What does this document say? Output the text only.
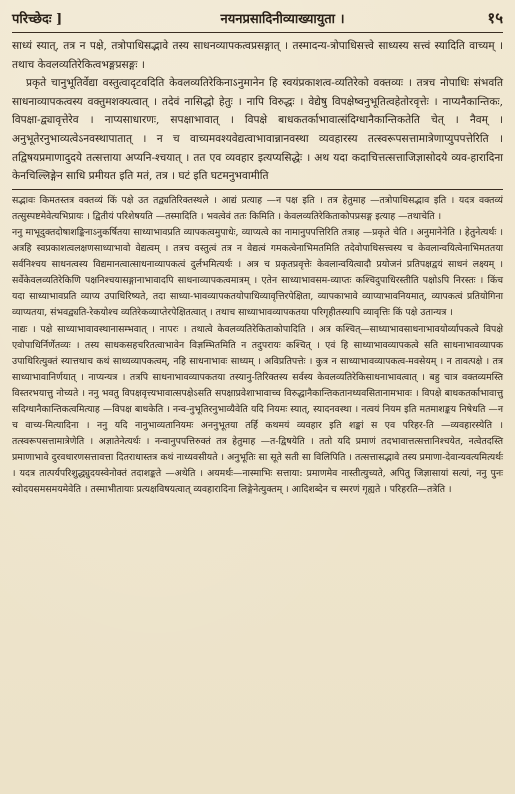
परिच्छेदः ]	नयनप्रसादिनीव्याख्यायुता ।	१५

साध्यं स्यात्, तत्र न पक्षे, तत्रोपाधिसद्भावे तस्य साधनव्यापकत्वप्रसङ्गात् । तस्मादन्य-त्रोपाधिसत्त्वे साध्यस्य सत्त्वं स्यादिति वाच्यम् । तथाच केवलव्यतिरेकित्वभङ्गप्रसङ्गः ।

प्रकृते चानुभूतिर्वेद्या वस्तुत्वादृटवदिति केवलव्यतिरेकिनाऽनुमानेन हि स्वयंप्रकाशत्व-व्यतिरेको वक्तव्यः । तत्रच नोपाधिः संभवति साधनाव्यापकत्वस्य वक्तुमशक्यत्वात् । तदेवं नासिद्धो हेतुः । नापि विरुद्धः । वेद्येषु विपक्षेष्वनुभूतित्वहेतोरवृत्तेः । नाप्यनैकान्तिकः, विपक्षा-द्व्यावृत्तेरेव । नाप्यसाधारणः, सपक्षाभावात् । विपक्षे बाधकतर्काभावात्संदिग्धानैकान्तिकतेति चेत् । नैवम् । अनुभूतेरनुभाव्यत्वेऽनवस्थापातात् । न च वाच्यमवश्यवेद्यत्वाभावान्नानवस्था व्यवहारस्य तत्स्वरूपसत्तामात्रेणाप्युपपत्तेरिति । तद्विषयप्रमाणादुदये तत्सत्ताया अप्यनि-श्चयात् । तत एव व्यवहार इत्यप्यसिद्धेः । अथ यदा कदाचित्तत्सत्ताजिज्ञासोदये व्यव-हारादिना केनचिल्लिङ्गेन साधि प्रमीयत इति मतं, तत्र । घटं इति घटमनुभवामीति

सद्भावः किमतस्तत्र वक्तव्यं किं पक्षे उत तद्व्यतिरिक्तस्थले । आद्यं प्रत्याह —न पक्ष इति । तत्र हेतुमाह —तत्रोपाधिसद्भाव इति । यदत्र वक्तव्यं तत्सुस्पष्टमेवेत्यभिप्रायः । द्वितीयं परिशेषयति —तस्मादिति । भवत्वेवं ततः किमिति । केवलव्यतिरेकिताकोपप्रसङ्ग इत्याह —तथाचेति ।

ननु माभूदुक्तदोषाशङ्किनाऽनुकर्षितया साध्याभावप्रति व्यापकत्वमुपाधेः, व्याप्यत्वे का नामानुपपत्तिरिति तत्राह —प्रकृते चेति । अनुमानेनेति । हेतुनेत्यर्थः । अत्रहि स्वप्रकाशत्वलक्षणसाध्याभावो वेद्यत्वम् । तत्रच वस्तुत्वं तत्र न वेद्यत्वं गमकत्वेनाभिमतमिति तदेवोपाधिसत्त्वस्य च केवलान्वयित्वेनाभिमततया सर्वनिश्चय साधनत्वस्य विद्यमानत्वात्साधनाव्यापकत्वं दुर्लभमित्यर्थः । अत्र च प्रकृतप्रवृत्तेः केवलान्वयित्वादौ प्रयोजनं प्रतिपक्षद्वयं साधनं लक्ष्यम् । सर्वेकेवलव्यतिरेकिणि पक्षनिश्चयासङ्गानाभावादपि साधनाव्यापकत्वमात्रम् । एतेन साध्याभावसम-व्याप्तः कश्चिदुपाधिरस्तीति पक्षोऽपि निरस्तः । किंच यदा साध्याभावप्रति व्याप्य उपाधिरिष्यते, तदा साध्या-भावव्यापकतयोपाधिव्यावृत्तिरपेक्षिता, व्यापकाभावे व्याप्याभावनियमात्, व्यापकत्वं प्रतियोगिना व्याप्यतया, संभवद्व्यति-रेकयोश्च व्यतिरेकव्याप्तेरपेक्षितत्वात् । तथाच साध्याभावव्यापकतया परिगृहीतस्यापि व्यावृत्तिः किं पक्षे उतान्यत्र ।

नाद्यः । पक्षे साध्याभावावस्थानासम्भवात् । नापरः । तथात्वे केवलव्यतिरेकिताकोपादिति । अत्र कश्चित्—साध्याभावसाधनाभावयोर्व्यापकत्वे विपक्षे एवोपाधिर्निर्णेतव्यः । तस्य साधकसहचरितत्वाभावेन विज्ञम्भितमिति न तदुपरायः कश्चित् । एवं हि साध्याभावव्यापकत्वे सति साधनाभावव्यापक उपाधिरित्युक्तं स्यात्तथाच कथं साध्यव्यापकत्वम्, नहि साधनाभावः साध्यम् । अविप्रतिपत्तेः । कुत्र न साध्याभावव्यापकत्व-मवसेयम् । न तावत्पक्षे । तत्र साध्याभावानिर्णयात् । नाप्यन्यत्र । तत्रपि साधनाभावव्यापकतया तस्यानु-तिरिक्तस्य सर्वस्य केवलव्यतिरेकिसाधनाभावत्वात् । बहु चात्र वक्तव्यमस्ति विस्तरभयात्तु नोच्यते । ननु भवतु विपक्षवृत्त्यभावात्सपक्षेऽसति सपक्षाप्रवेशाभावाच्च विरुद्धानैकान्तिकतानध्यवसितानामभावः । विपक्षे बाधकतर्काभावात्तु सदिग्धानैकान्तिकत्वमित्याह —विपक्ष बाधकेति । नन्व-नुभूतिरनुभाव्यैवेति यदि नियमः स्यात्, स्यादनवस्था । नत्वयं नियम इति मतमाशङ्कय निषेधति —न च वाच्य-मित्यादिना । ननु यदि नानुभाव्यतानियमः अननुभूतया तर्हि कथमयं व्यवहार इति शङ्कां स एव परिहर-ति —व्यवहारस्येति । तत्स्वरूपसत्तामात्रेणेति । अज्ञातेनेत्यर्थः । नन्वानुपपत्तिरुक्तं तत्र हेतुमाह —त-द्विषयेति । ततो यदि प्रमाणं तदभावात्तत्सत्तानिश्चयेत, नत्वेतदस्ति प्रमाणाभावे दुरवधारणसत्तावत्ता दितराधास्तत्र कथं नाध्यवसीयते । अनुभूतिः सा सूते सती सा विलिपिति । तत्सत्तासद्भावे तस्य प्रमाणा-देवान्यवत्यमित्यर्थः । यदत्र तात्पर्यपरिशुद्ध्युदयस्वेनोक्तं तदाशङ्कते —अथेति । अयमर्थः—नास्माभिः सत्ताया: प्रमाणमेव नास्तीत्युच्यते, अपितु जिज्ञासायां सत्यां, ननु पुनः स्वोदयसमसमयमेवेति । तस्माभीतायाः प्रत्यक्षविषयत्वात् व्यवहारादिना लिङ्गेनेत्युक्तम् । आदिशब्देन च स्मरणं गृह्यते । परिहरति—तत्रेति ।
